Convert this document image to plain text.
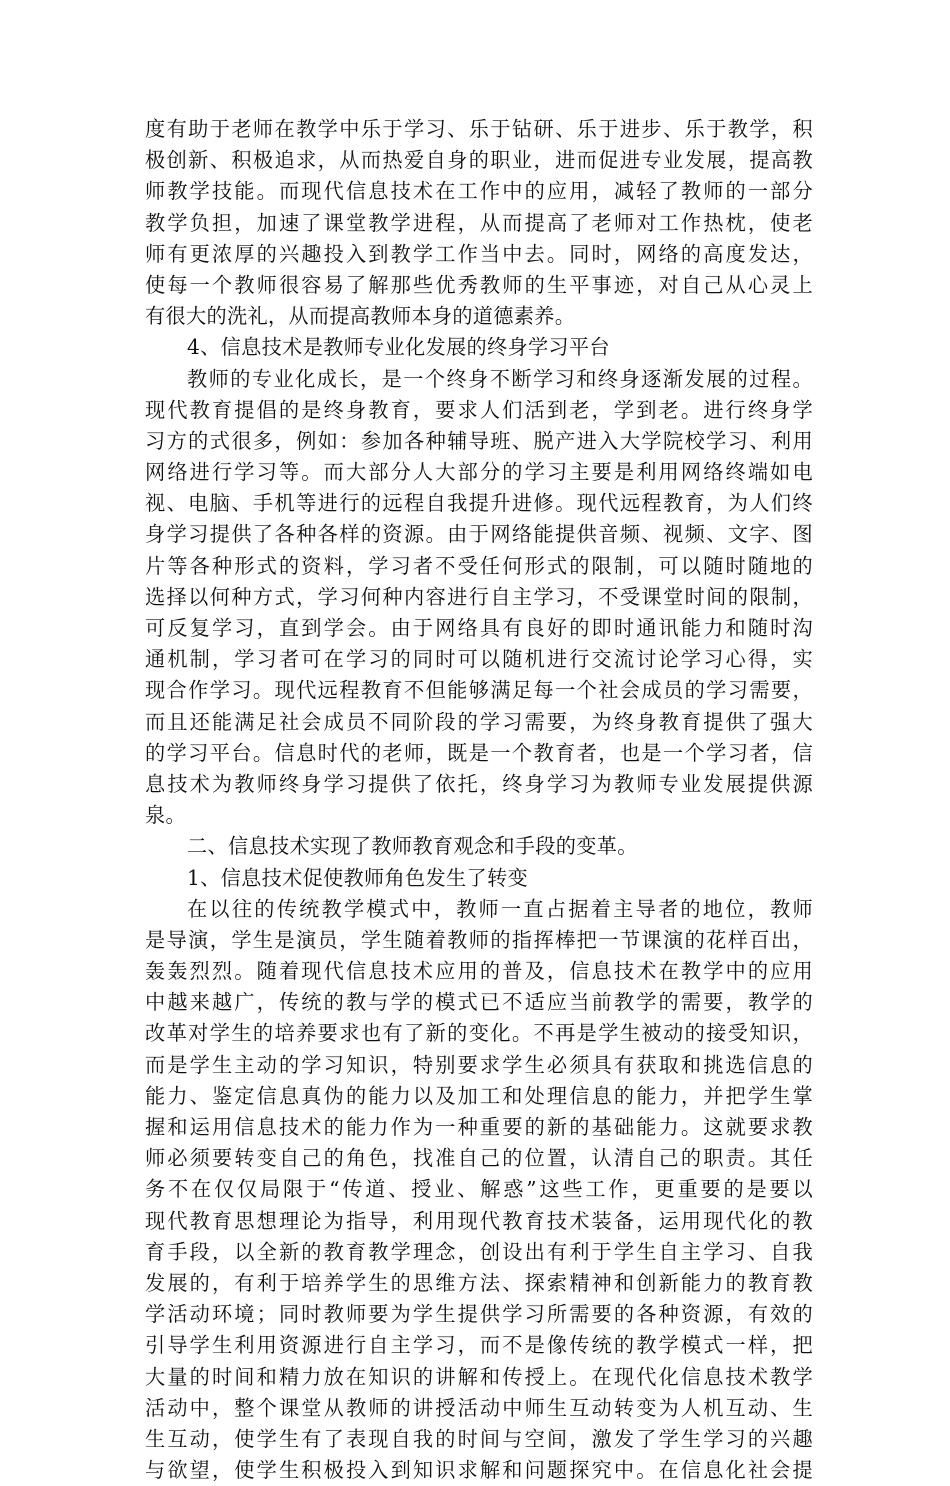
度有助于老师在教学中乐于学习、乐于钻研、乐于进步、乐于教学，积
极创新、积极追求，从而热爱自身的职业，进而促进专业发展，提高教
师教学技能。而现代信息技术在工作中的应用，减轻了教师的一部分
教学负担，加速了课堂教学进程，从而提高了老师对工作热枕，使老
师有更浓厚的兴趣投入到教学工作当中去。同时，网络的高度发达，
使每一个教师很容易了解那些优秀教师的生平事迹，对自己从心灵上
有很大的洗礼，从而提高教师本身的道德素养。
4、信息技术是教师专业化发展的终身学习平台
教师的专业化成长，是一个终身不断学习和终身逐渐发展的过程。
现代教育提倡的是终身教育，要求人们活到老，学到老。进行终身学
习方的式很多，例如：参加各种辅导班、脱产进入大学院校学习、利用
网络进行学习等。而大部分人大部分的学习主要是利用网络终端如电
视、电脑、手机等进行的远程自我提升进修。现代远程教育，为人们终
身学习提供了各种各样的资源。由于网络能提供音频、视频、文字、图
片等各种形式的资料，学习者不受任何形式的限制，可以随时随地的
选择以何种方式，学习何种内容进行自主学习，不受课堂时间的限制，
可反复学习，直到学会。由于网络具有良好的即时通讯能力和随时沟
通机制，学习者可在学习的同时可以随机进行交流讨论学习心得，实
现合作学习。现代远程教育不但能够满足每一个社会成员的学习需要，
而且还能满足社会成员不同阶段的学习需要，为终身教育提供了强大
的学习平台。信息时代的老师，既是一个教育者，也是一个学习者，信
息技术为教师终身学习提供了依托，终身学习为教师专业发展提供源
泉。
二、信息技术实现了教师教育观念和手段的变革。
1、信息技术促使教师角色发生了转变
在以往的传统教学模式中，教师一直占据着主导者的地位，教师
是导演，学生是演员，学生随着教师的指挥棒把一节课演的花样百出，
轰轰烈烈。随着现代信息技术应用的普及，信息技术在教学中的应用
中越来越广，传统的教与学的模式已不适应当前教学的需要，教学的
改革对学生的培养要求也有了新的变化。不再是学生被动的接受知识，
而是学生主动的学习知识，特别要求学生必须具有获取和挑选信息的
能力、鉴定信息真伪的能力以及加工和处理信息的能力，并把学生掌
握和运用信息技术的能力作为一种重要的新的基础能力。这就要求教
师必须要转变自己的角色，找准自己的位置，认清自己的职责。其任
务不在仅仅局限于“传道、授业、解惑”这些工作，更重要的是要以
现代教育思想理论为指导，利用现代教育技术装备，运用现代化的教
育手段，以全新的教育教学理念，创设出有利于学生自主学习、自我
发展的，有利于培养学生的思维方法、探索精神和创新能力的教育教
学活动环境；同时教师要为学生提供学习所需要的各种资源，有效的
引导学生利用资源进行自主学习，而不是像传统的教学模式一样，把
大量的时间和精力放在知识的讲解和传授上。在现代化信息技术教学
活动中，整个课堂从教师的讲授活动中师生互动转变为人机互动、生
生互动，使学生有了表现自我的时间与空间，激发了学生学习的兴趣
与欲望，使学生积极投入到知识求解和问题探究中。在信息化社会提
